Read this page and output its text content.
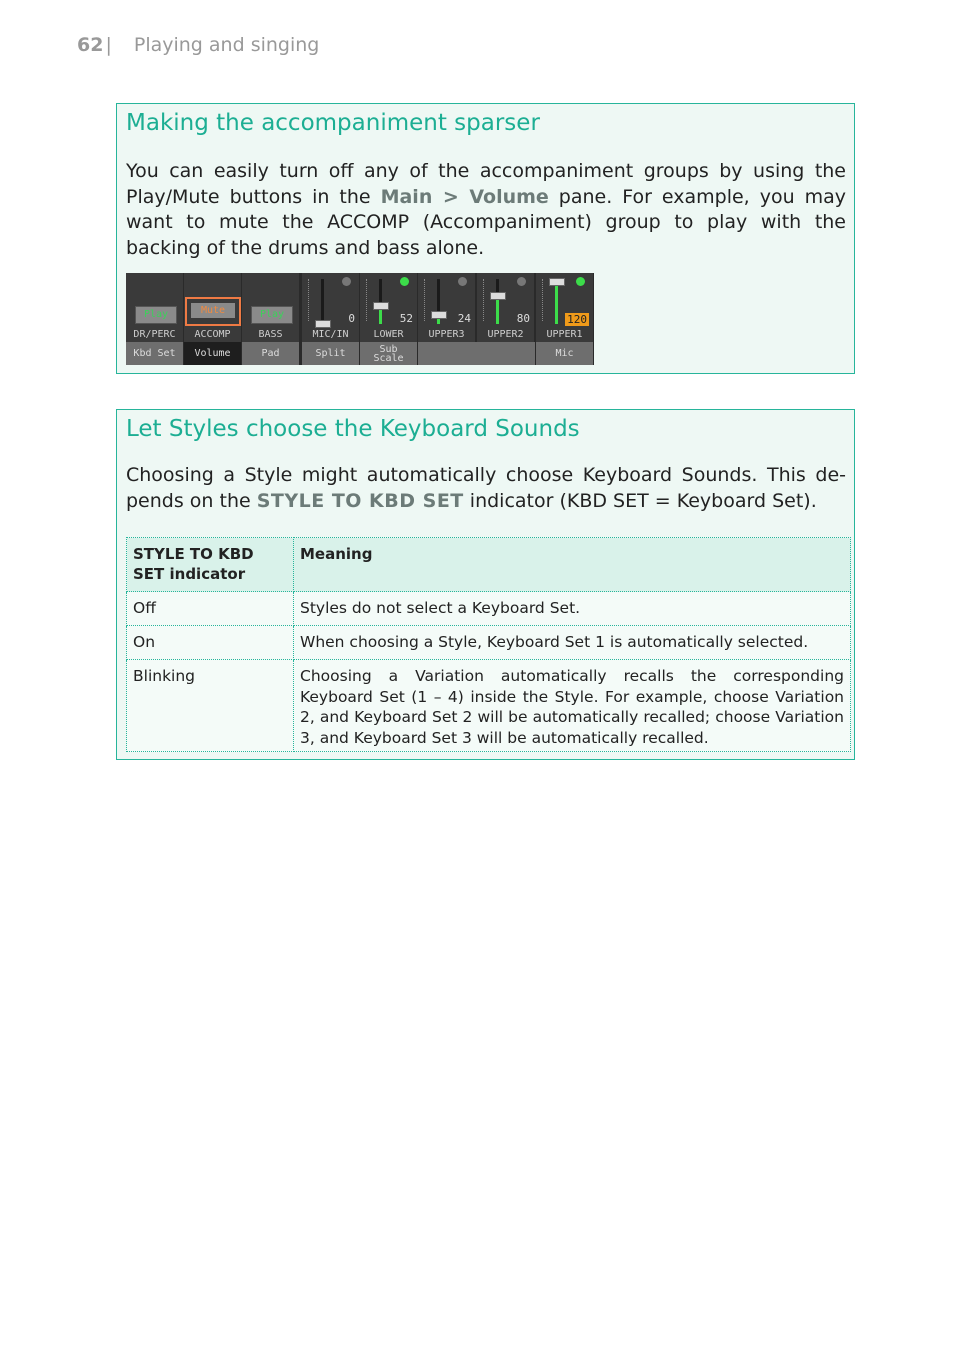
62 | Playing and singing
Making the accompaniment sparser
You can easily turn off any of the accompaniment groups by using the Play/Mute buttons in the Main > Volume pane. For example, you may want to mute the ACCOMP (Accompaniment) group to play with the backing of the drums and bass alone.
Play
DR/PERC
Mute
ACCOMP
Play
BASS
0
MIC/IN
52
LOWER
24
UPPER3
80
UPPER2
120
UPPER1
Kbd Set	Volume	Pad	Split	Sub
Scale	Mic
Let Styles choose the Keyboard Sounds
Choosing a Style might automatically choose Keyboard Sounds. This de-pends on the STYLE TO KBD SET indicator (KBD SET = Keyboard Set).
STYLE TO KBD SET indicator	Meaning
Off	Styles do not select a Keyboard Set.
On	When choosing a Style, Keyboard Set 1 is automatically selected.
Blinking	Choosing a Variation automatically recalls the corresponding Keyboard Set (1 – 4) inside the Style. For example, choose Variation 2, and Keyboard Set 2 will be automatically recalled; choose Variation 3, and Keyboard Set 3 will be automatically recalled.
